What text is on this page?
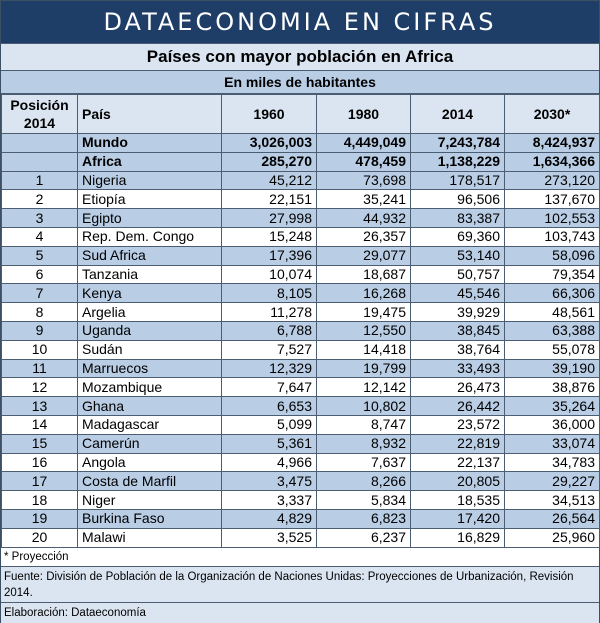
DATAECONOMIA EN CIFRAS
Países con mayor población en Africa
En miles de habitantes
Posición 2014	País	1960	1980	2014	2030*
	Mundo	3,026,003	4,449,049	7,243,784	8,424,937
	Africa	285,270	478,459	1,138,229	1,634,366
1	Nigeria	45,212	73,698	178,517	273,120
2	Etiopía	22,151	35,241	96,506	137,670
3	Egipto	27,998	44,932	83,387	102,553
4	Rep. Dem. Congo	15,248	26,357	69,360	103,743
5	Sud Africa	17,396	29,077	53,140	58,096
6	Tanzania	10,074	18,687	50,757	79,354
7	Kenya	8,105	16,268	45,546	66,306
8	Argelia	11,278	19,475	39,929	48,561
9	Uganda	6,788	12,550	38,845	63,388
10	Sudán	7,527	14,418	38,764	55,078
11	Marruecos	12,329	19,799	33,493	39,190
12	Mozambique	7,647	12,142	26,473	38,876
13	Ghana	6,653	10,802	26,442	35,264
14	Madagascar	5,099	8,747	23,572	36,000
15	Camerún	5,361	8,932	22,819	33,074
16	Angola	4,966	7,637	22,137	34,783
17	Costa de Marfil	3,475	8,266	20,805	29,227
18	Niger	3,337	5,834	18,535	34,513
19	Burkina Faso	4,829	6,823	17,420	26,564
20	Malawi	3,525	6,237	16,829	25,960
* Proyección
Fuente: División de Población de la Organización de Naciones Unidas: Proyecciones de Urbanización, Revisión 2014.
Elaboración: Dataeconomía
